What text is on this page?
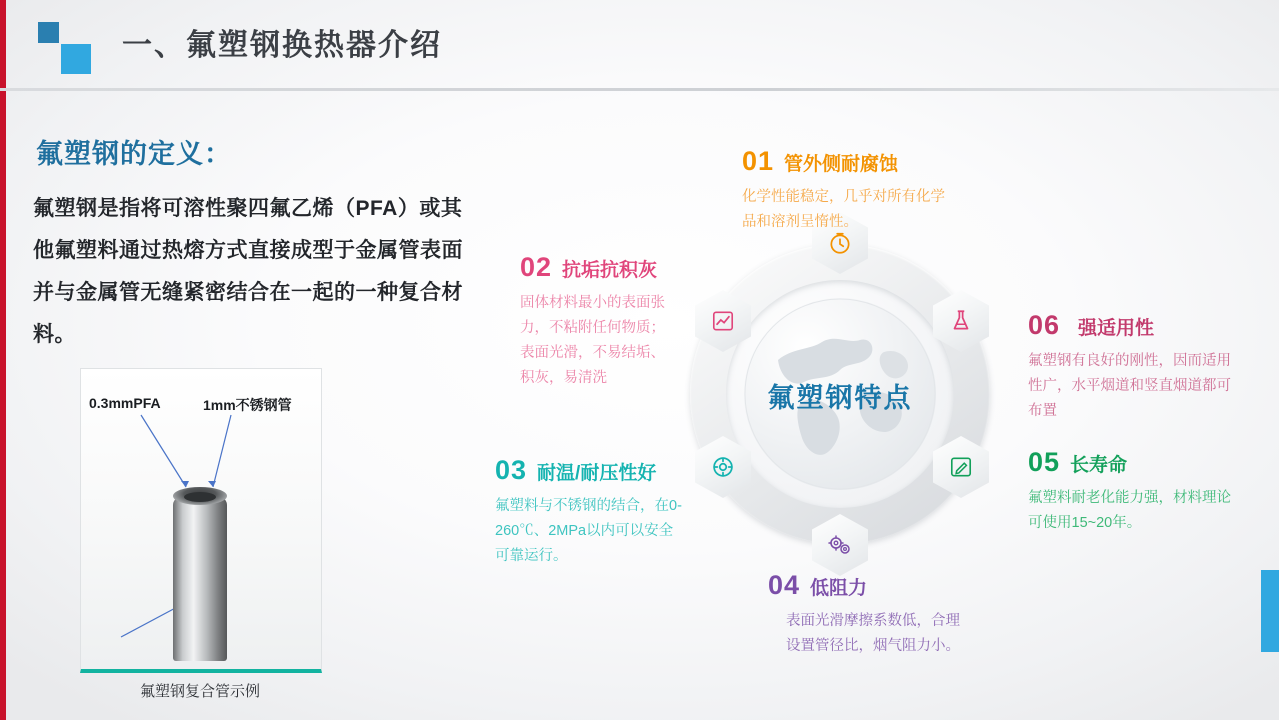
一、氟塑钢换热器介绍
氟塑钢的定义：
氟塑钢是指将可溶性聚四氟乙烯（PFA）或其他氟塑料通过热熔方式直接成型于金属管表面并与金属管无缝紧密结合在一起的一种复合材料。
0.3mmPFA	1mm不锈钢管
氟塑钢复合管示例
氟塑钢特点
01 管外侧耐腐蚀
化学性能稳定，几乎对所有化学品和溶剂呈惰性。
02 抗垢抗积灰
固体材料最小的表面张力，不粘附任何物质；表面光滑，不易结垢、积灰，易清洗
03 耐温/耐压性好
氟塑料与不锈钢的结合，在0-260℃、2MPa以内可以安全可靠运行。
04 低阻力
表面光滑摩擦系数低，合理设置管径比，烟气阻力小。
05 长寿命
氟塑料耐老化能力强，材料理论可使用15~20年。
06 强适用性
氟塑钢有良好的刚性，因而适用性广，水平烟道和竖直烟道都可布置
